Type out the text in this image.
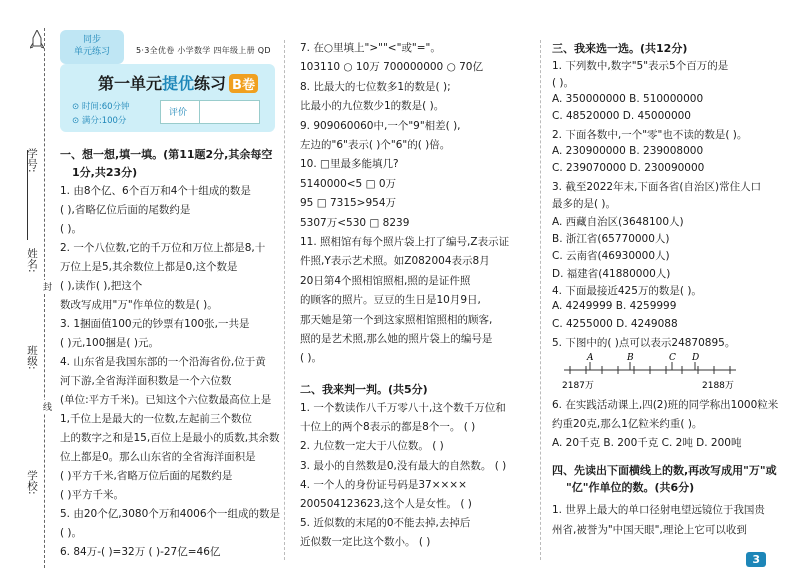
学号:
姓名:
封
班级:
线
学校:
同步
单元练习	5·3全优卷 小学数学 四年级上册 QD
第一单元提优练习 B卷
⊙ 时间:60分钟
⊙ 满分:100分
评价
一、想一想,填一填。(第11题2分,其余每空
1分,共23分)
1. 由8个亿、6个百万和4个十组成的数是
( ),省略亿位后面的尾数约是
( )。
2. 一个八位数,它的千万位和万位上都是8,十
万位上是5,其余数位上都是0,这个数是
( ),读作( ),把这个
数改写成用"万"作单位的数是( )。
3. 1捆面值100元的钞票有100张,一共是
( )元,100捆是( )元。
4. 山东省是我国东部的一个沿海省份,位于黄
河下游,全省海洋面积数是一个六位数
(单位:平方千米)。已知这个六位数最高位上是
1,千位上是最大的一位数,左起前三个数位
上的数字之和是15,百位上是最小的质数,其余数
位上都是0。那么山东省的全省海洋面积是
( )平方千米,省略万位后面的尾数约是
( )平方千米。
5. 由20个亿,3080个万和4006个一组成的数是
( )。
6. 84万-( )=32万 ( )-27亿=46亿
7. 在○里填上">""<"或"="。
103110 ○ 10万 700000000 ○ 70亿
8. 比最大的七位数多1的数是( );
比最小的九位数少1的数是( )。
9. 909060060中,一个"9"相差( ),
左边的"6"表示( )个"6"的( )倍。
10. □里最多能填几?
5140000<5 □ 0万
95 □ 7315>954万
5307万<530 □ 8239
11. 照相馆有每个照片袋上打了编号,Z表示证
件照,Y表示艺术照。如Z082004表示8月
20日第4个照相馆照相,照的是证件照
的顾客的照片。豆豆的生日是10月9日,
那天她是第一个到这家照相馆照相的顾客,
照的是艺术照,那么她的照片袋上的编号是
( )。
二、我来判一判。(共5分)
1. 一个数读作八千万零八十,这个数千万位和
十位上的两个8表示的都是8个一。 ( )
2. 九位数一定大于八位数。 ( )
3. 最小的自然数是0,没有最大的自然数。 ( )
4. 一个人的身份证号码是37××××
200504123623,这个人是女性。 ( )
5. 近似数的末尾的0不能去掉,去掉后
近似数一定比这个数小。 ( )
三、我来选一选。(共12分)
1. 下列数中,数字"5"表示5个百万的是
( )。
A. 350000000 B. 510000000
C. 48520000 D. 45000000
2. 下面各数中,一个"零"也不读的数是( )。
A. 230900000 B. 239008000
C. 239070000 D. 230090000
3. 截至2022年末,下面各省(自治区)常住人口
最多的是( )。
A. 西藏自治区(3648100人)
B. 浙江省(65770000人)
C. 云南省(46930000人)
D. 福建省(41880000人)
4. 下面最接近425万的数是( )。
A. 4249999 B. 4259999
C. 4255000 D. 4249088
5. 下图中的( )点可以表示24870895。
A	B	C D
2187万	2188万
6. 在实践活动课上,四(2)班的同学称出1000粒米
约重20克,那么1亿粒米约重( )。
A. 20千克 B. 200千克 C. 2吨 D. 200吨
四、先读出下面横线上的数,再改写成用"万"或
"亿"作单位的数。(共6分)
1. 世界上最大的单口径射电望远镜位于我国贵
州省,被誉为"中国天眼",理论上它可以收到
3
